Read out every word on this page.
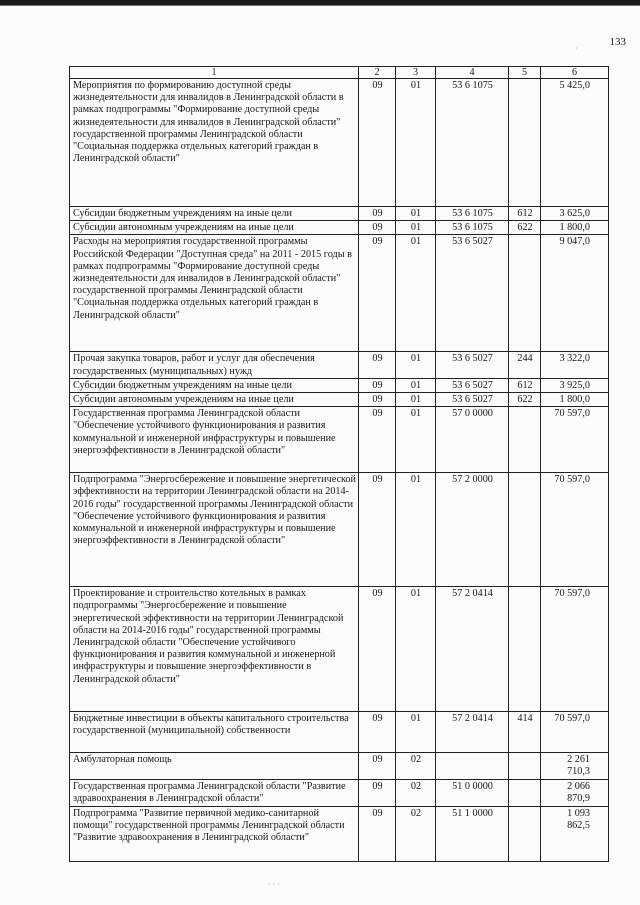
133
·
· · ·
1	2	3	4	5	6
Мероприятия по формированию доступной среды жизнедеятельности для инвалидов в Ленинградской области в рамках подпрограммы "Формирование доступной среды жизнедеятельности для инвалидов в Ленинградской области" государственной программы Ленинградской области "Социальная поддержка отдельных категорий граждан в Ленинградской области"	09	01	53 6 1075		5 425,0
Субсидии бюджетным учреждениям на иные цели	09	01	53 6 1075	612	3 625,0
Субсидии автономным учреждениям на иные цели	09	01	53 6 1075	622	1 800,0
Расходы на мероприятия государственной программы Российской Федерации "Доступная среда" на 2011 - 2015 годы в рамках подпрограммы "Формирование доступной среды жизнедеятельности для инвалидов в Ленинградской области" государственной программы Ленинградской области "Социальная поддержка отдельных категорий граждан в Ленинградской области"	09	01	53 6 5027		9 047,0
Прочая закупка товаров, работ и услуг для обеспечения государственных (муниципальных) нужд	09	01	53 6 5027	244	3 322,0
Субсидии бюджетным учреждениям на иные цели	09	01	53 6 5027	612	3 925,0
Субсидии автономным учреждениям на иные цели	09	01	53 6 5027	622	1 800,0
Государственная программа Ленинградской области "Обеспечение устойчивого функционирования и развития коммунальной и инженерной инфраструктуры и повышение энергоэффективности в Ленинградской области"	09	01	57 0 0000		70 597,0
Подпрограмма "Энергосбережение и повышение энергетической эффективности на территории Ленинградской области на 2014-2016 годы" государственной программы Ленинградской области "Обеспечение устойчивого функционирования и развития коммунальной и инженерной инфраструктуры и повышение энергоэффективности в Ленинградской области"	09	01	57 2 0000		70 597,0
Проектирование и строительство котельных в рамках подпрограммы "Энергосбережение и повышение энергетической эффективности на территории Ленинградской области на 2014-2016 годы" государственной программы Ленинградской области "Обеспечение устойчивого функционирования и развития коммунальной и инженерной инфраструктуры и повышение энергоэффективности в Ленинградской области"	09	01	57 2 0414		70 597,0
Бюджетные инвестиции в объекты капитального строительства государственной (муниципальной) собственности	09	01	57 2 0414	414	70 597,0
Амбулаторная помощь	09	02			2 261 710,3
Государственная программа Ленинградской области "Развитие здравоохранения в Ленинградской области"	09	02	51 0 0000		2 066 870,9
Подпрограмма "Развитие первичной медико-санитарной помощи" государственной программы Ленинградской области "Развитие здравоохранения в Ленинградской области"	09	02	51 1 0000		1 093 862,5
